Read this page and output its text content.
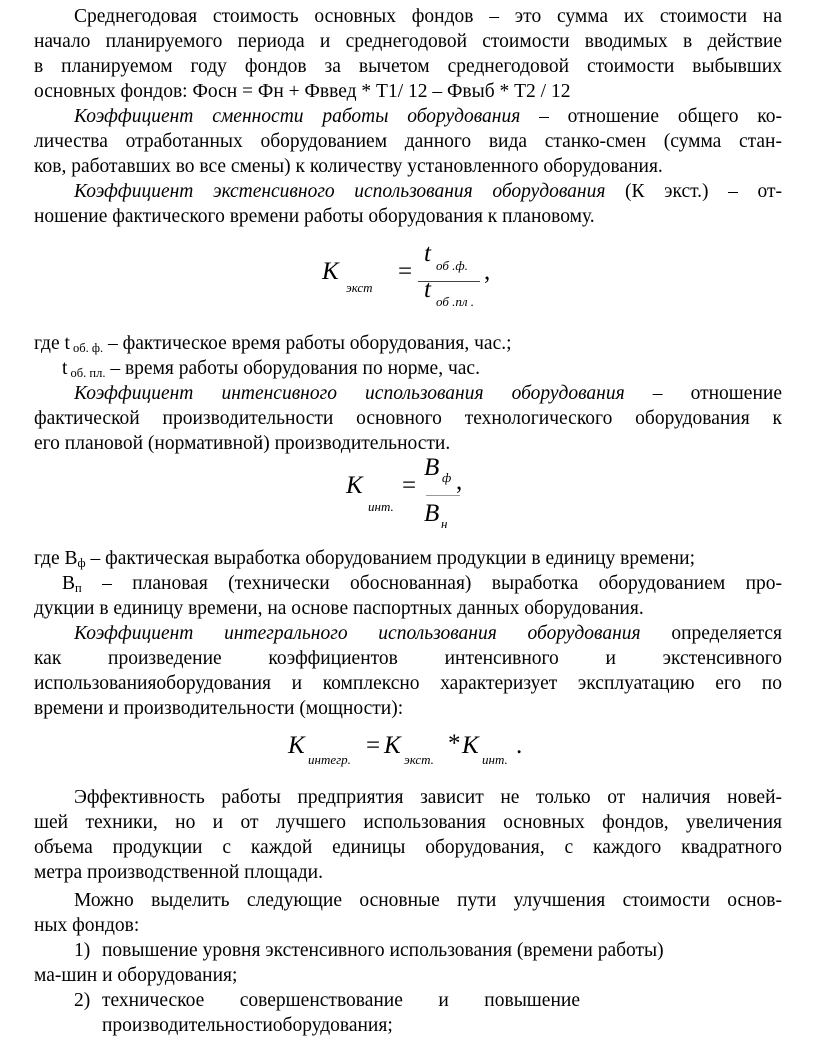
Среднегодовая стоимость основных фондов – это сумма их стоимости на
начало планируемого периода и среднегодовой стоимости вводимых в действие
в планируемом году фондов за вычетом среднегодовой стоимости выбывших
основных фондов: Фосн = Фн + Фввед * Т1/ 12 – Фвыб * Т2 / 12
Коэффициент сменности работы оборудования – отношение общего ко-
личества отработанных оборудованием данного вида станко-смен (сумма стан-
ков, работавших во все смены) к количеству установленного оборудования.
Коэффициент экстенсивного использования оборудования (К экст.) – от-
ношение фактического времени работы оборудования к плановому.
К
экст
=
t об .ф. ,
t об .пл .
где t $_{об. ф.}$ – фактическое время работы оборудования, час.;
t $_{об. пл.}$ – время работы оборудования по норме, час.
Коэффициент интенсивного использования оборудования – отношение
фактической производительности основного технологического оборудования к
его плановой (нормативной) производительности.
К
инт.
=
В ф ,
В н
где $В_ф$ – фактическая выработка оборудованием продукции в единицу времени;
$В_п$ – плановая (технически обоснованная) выработка оборудованием про-
дукции в единицу времени, на основе паспортных данных оборудования.
Коэффициент интегрального использования оборудования определяется
как произведение коэффициентов интенсивного и экстенсивного
использованияоборудования и комплексно характеризует эксплуатацию его по
времени и производительности (мощности):
К
интегр.
= К
экст.
* К
инт.
.
Эффективность работы предприятия зависит не только от наличия новей-
шей техники, но и от лучшего использования основных фондов, увеличения
объема продукции с каждой единицы оборудования, с каждого квадратного
метра производственной площади.
Можно выделить следующие основные пути улучшения стоимости основ-
ных фондов:
1) повышение уровня экстенсивного использования (времени работы)
ма-шин и оборудования;
2) техническое совершенствование и повышение
производительностиоборудования;
